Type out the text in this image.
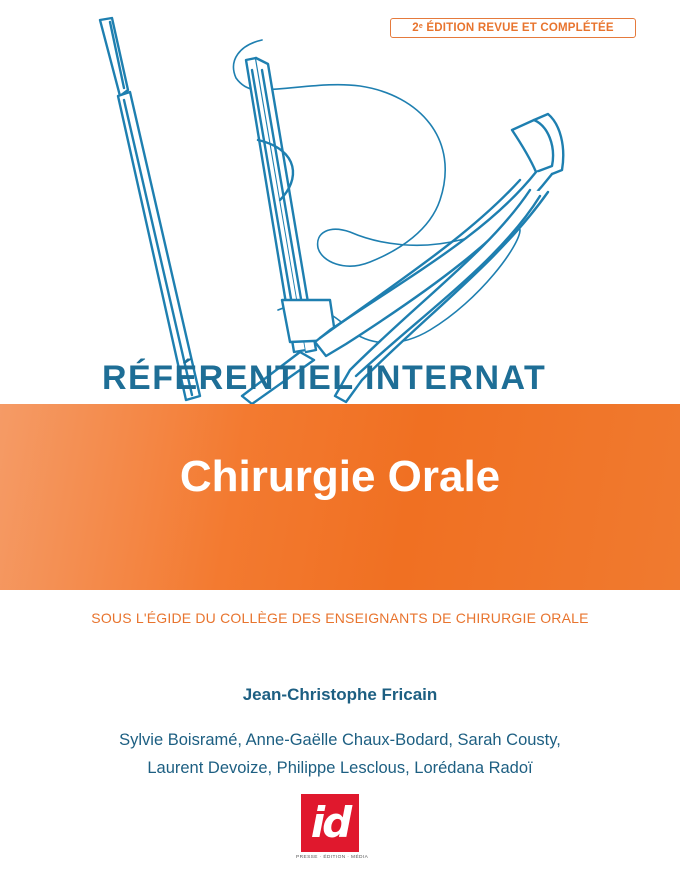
2e
ÉDITION REVUE ET COMPLÉTÉE
RÉFÉRENTIEL INTERNAT
Chirurgie Orale
SOUS L'ÉGIDE DU COLLÈGE DES ENSEIGNANTS DE CHIRURGIE ORALE
Jean-Christophe Fricain
Sylvie Boisramé, Anne-Gaëlle Chaux-Bodard, Sarah Cousty,
Laurent Devoize, Philippe Lesclous, Lorédana Radoï
id
PRESSE · ÉDITION · MÉDIA
